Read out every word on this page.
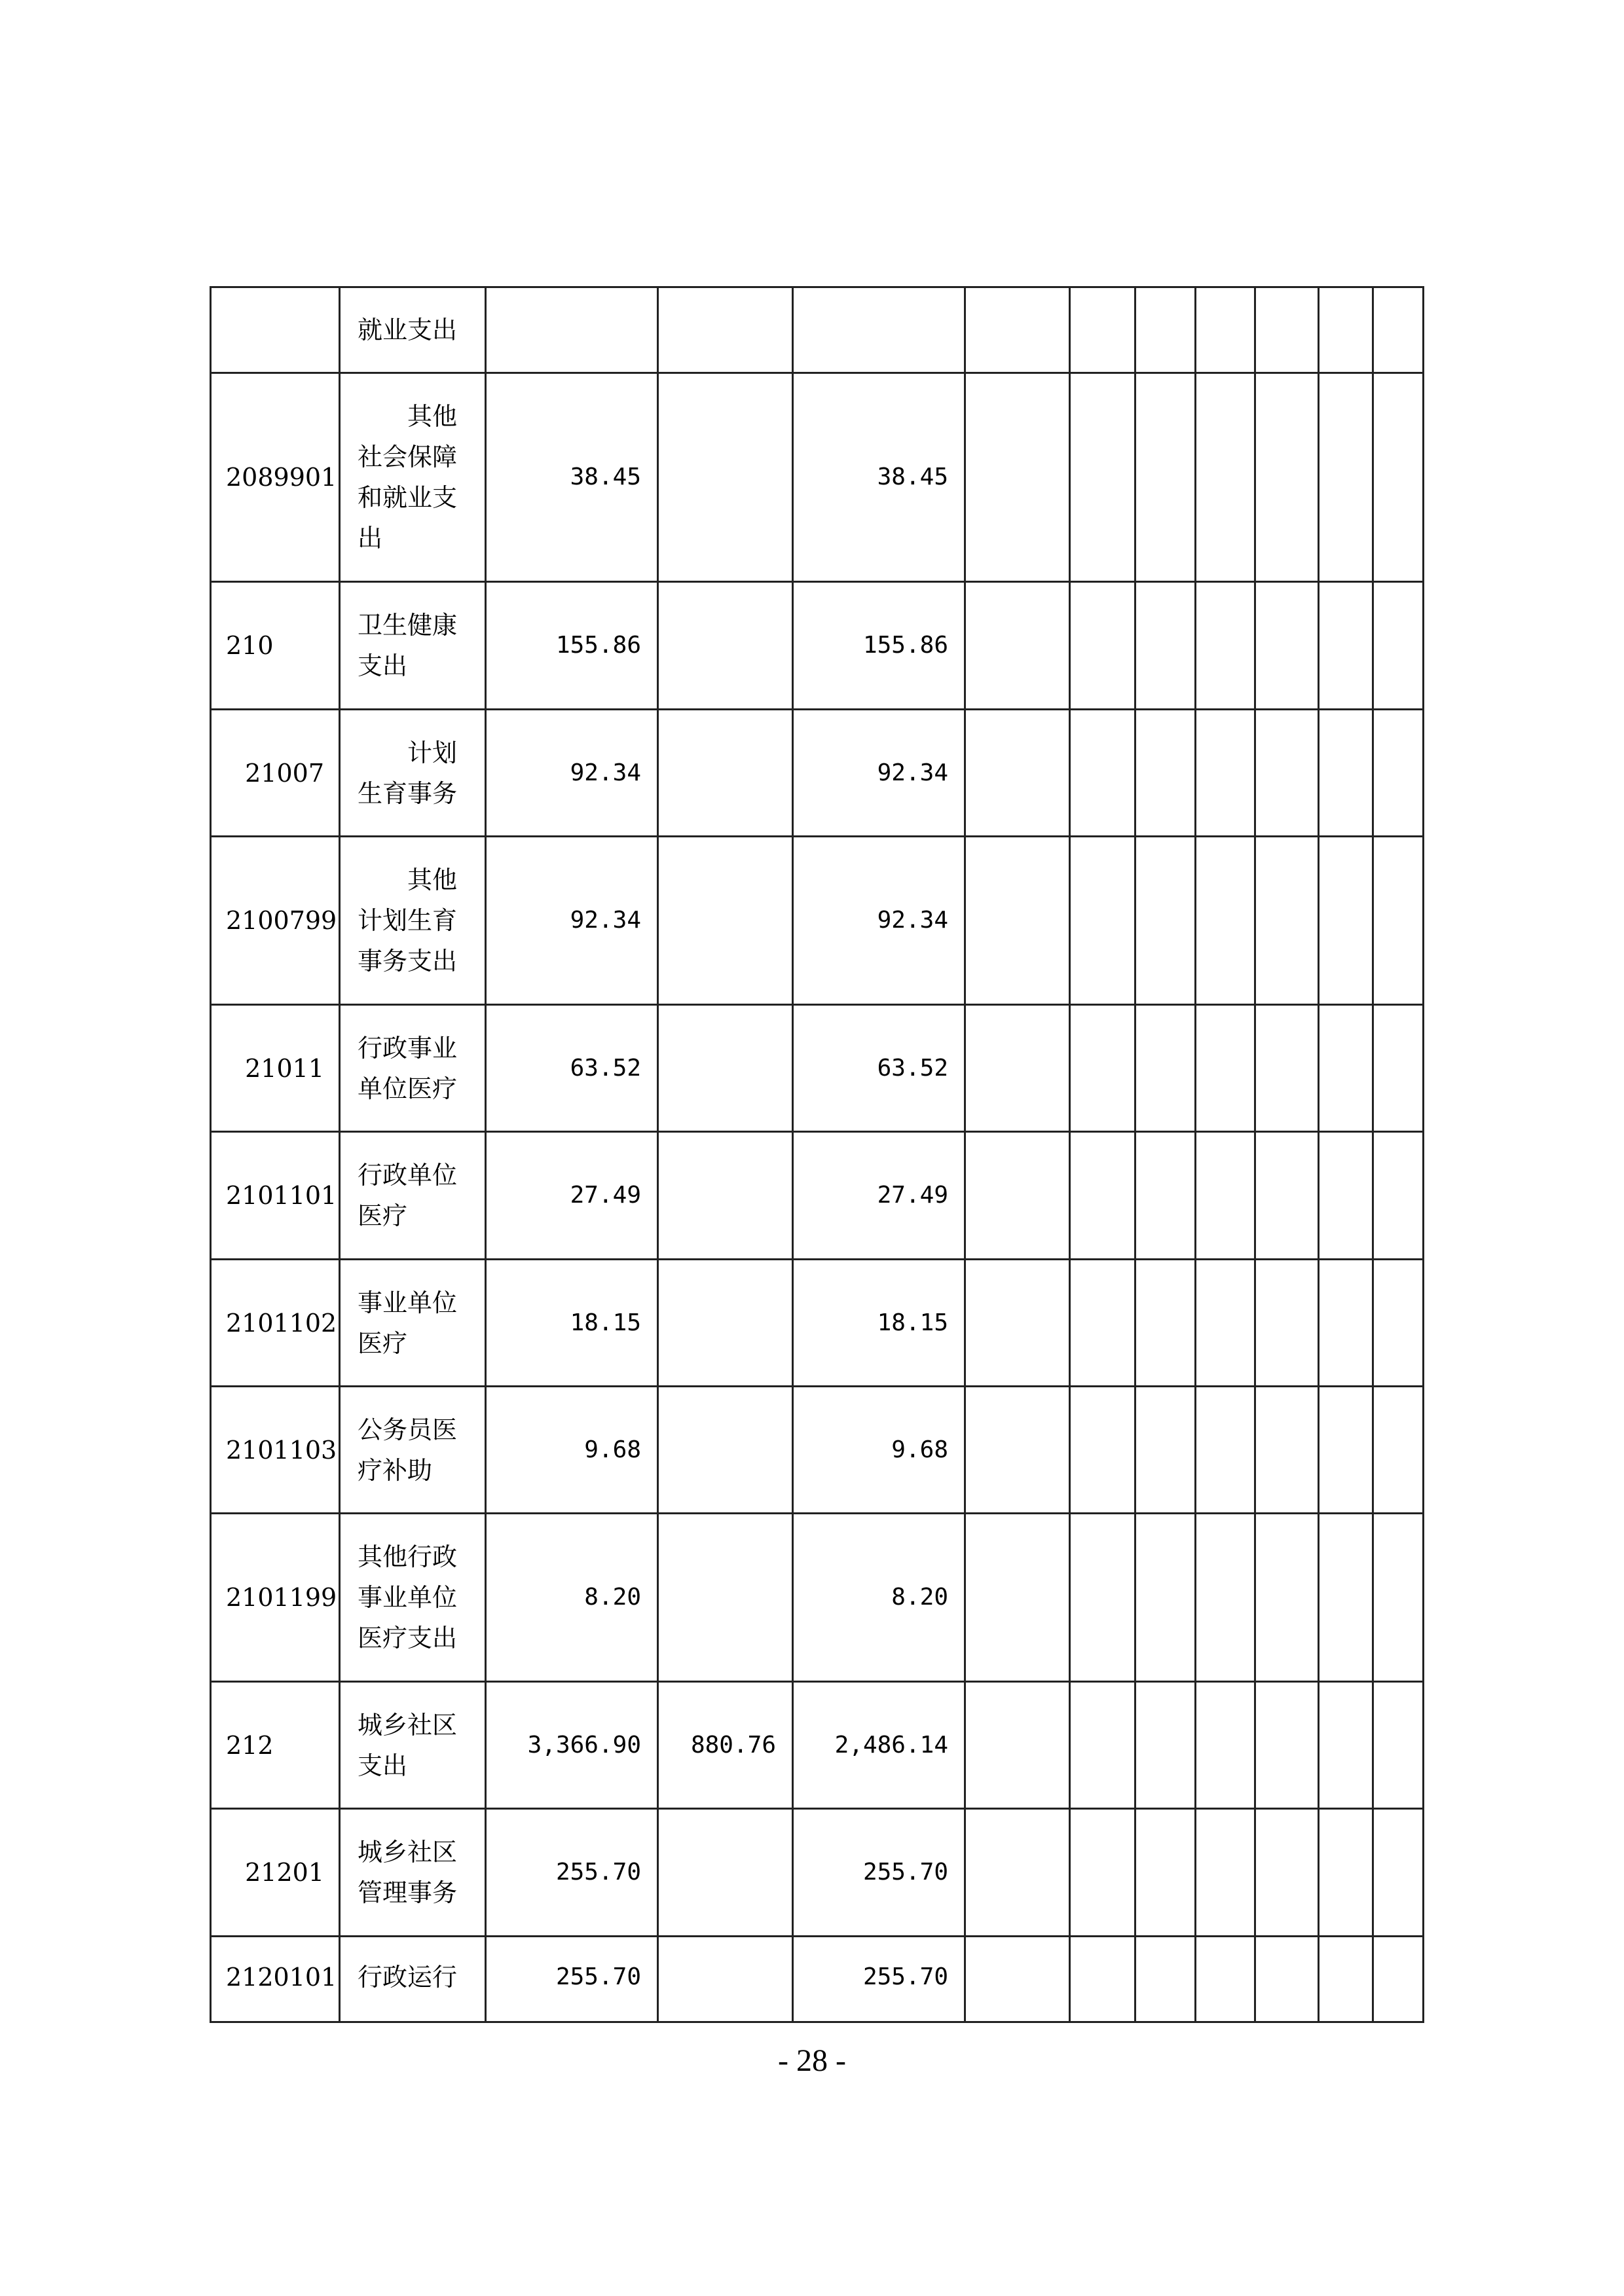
	就业支出										
2089901	其他社会保障和就业支出	38.45		38.45							
210	卫生健康支出	155.86		155.86							
21007	计划生育事务	92.34		92.34							
2100799	其他计划生育事务支出	92.34		92.34							
21011	行政事业单位医疗	63.52		63.52							
2101101	行政单位医疗	27.49		27.49							
2101102	事业单位医疗	18.15		18.15							
2101103	公务员医疗补助	9.68		9.68							
2101199	其他行政事业单位医疗支出	8.20		8.20							
212	城乡社区支出	3,366.90	880.76	2,486.14							
21201	城乡社区管理事务	255.70		255.70							
2120101	行政运行	255.70		255.70							
- 28 -
